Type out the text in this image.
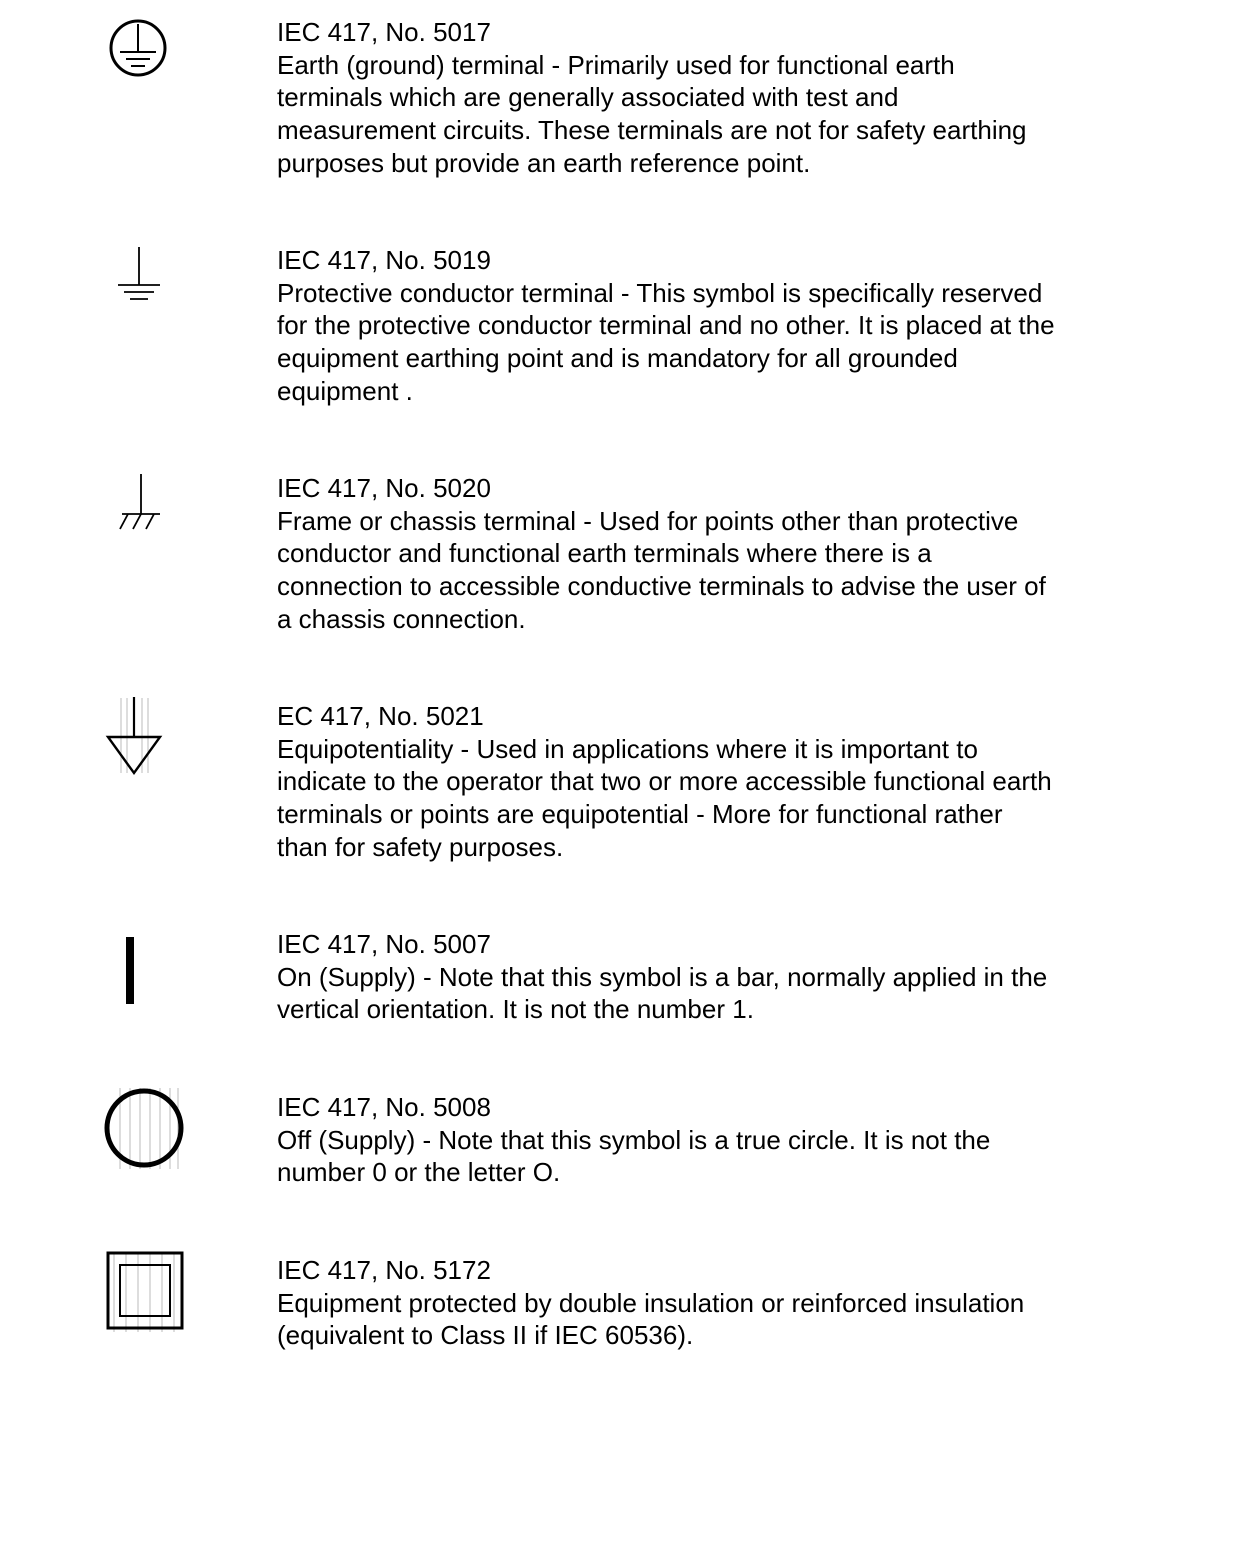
IEC 417, No. 5017
Earth (ground) terminal - Primarily used for functional earth
terminals which are generally associated with test and
measurement circuits. These terminals are not for safety earthing
purposes but provide an earth reference point.
IEC 417, No. 5019
Protective conductor terminal - This symbol is specifically reserved
for the protective conductor terminal and no other. It is placed at the
equipment earthing point and is mandatory for all grounded
equipment .
IEC 417, No. 5020
Frame or chassis terminal - Used for points other than protective
conductor and functional earth terminals where there is a
connection to accessible conductive terminals to advise the user of
a chassis connection.
EC 417, No. 5021
Equipotentiality - Used in applications where it is important to
indicate to the operator that two or more accessible functional earth
terminals or points are equipotential - More for functional rather
than for safety purposes.
IEC 417, No. 5007
On (Supply) - Note that this symbol is a bar, normally applied in the
vertical orientation. It is not the number 1.
IEC 417, No. 5008
Off (Supply) - Note that this symbol is a true circle. It is not the
number 0 or the letter O.
IEC 417, No. 5172
Equipment protected by double insulation or reinforced insulation
(equivalent to Class II if IEC 60536).
